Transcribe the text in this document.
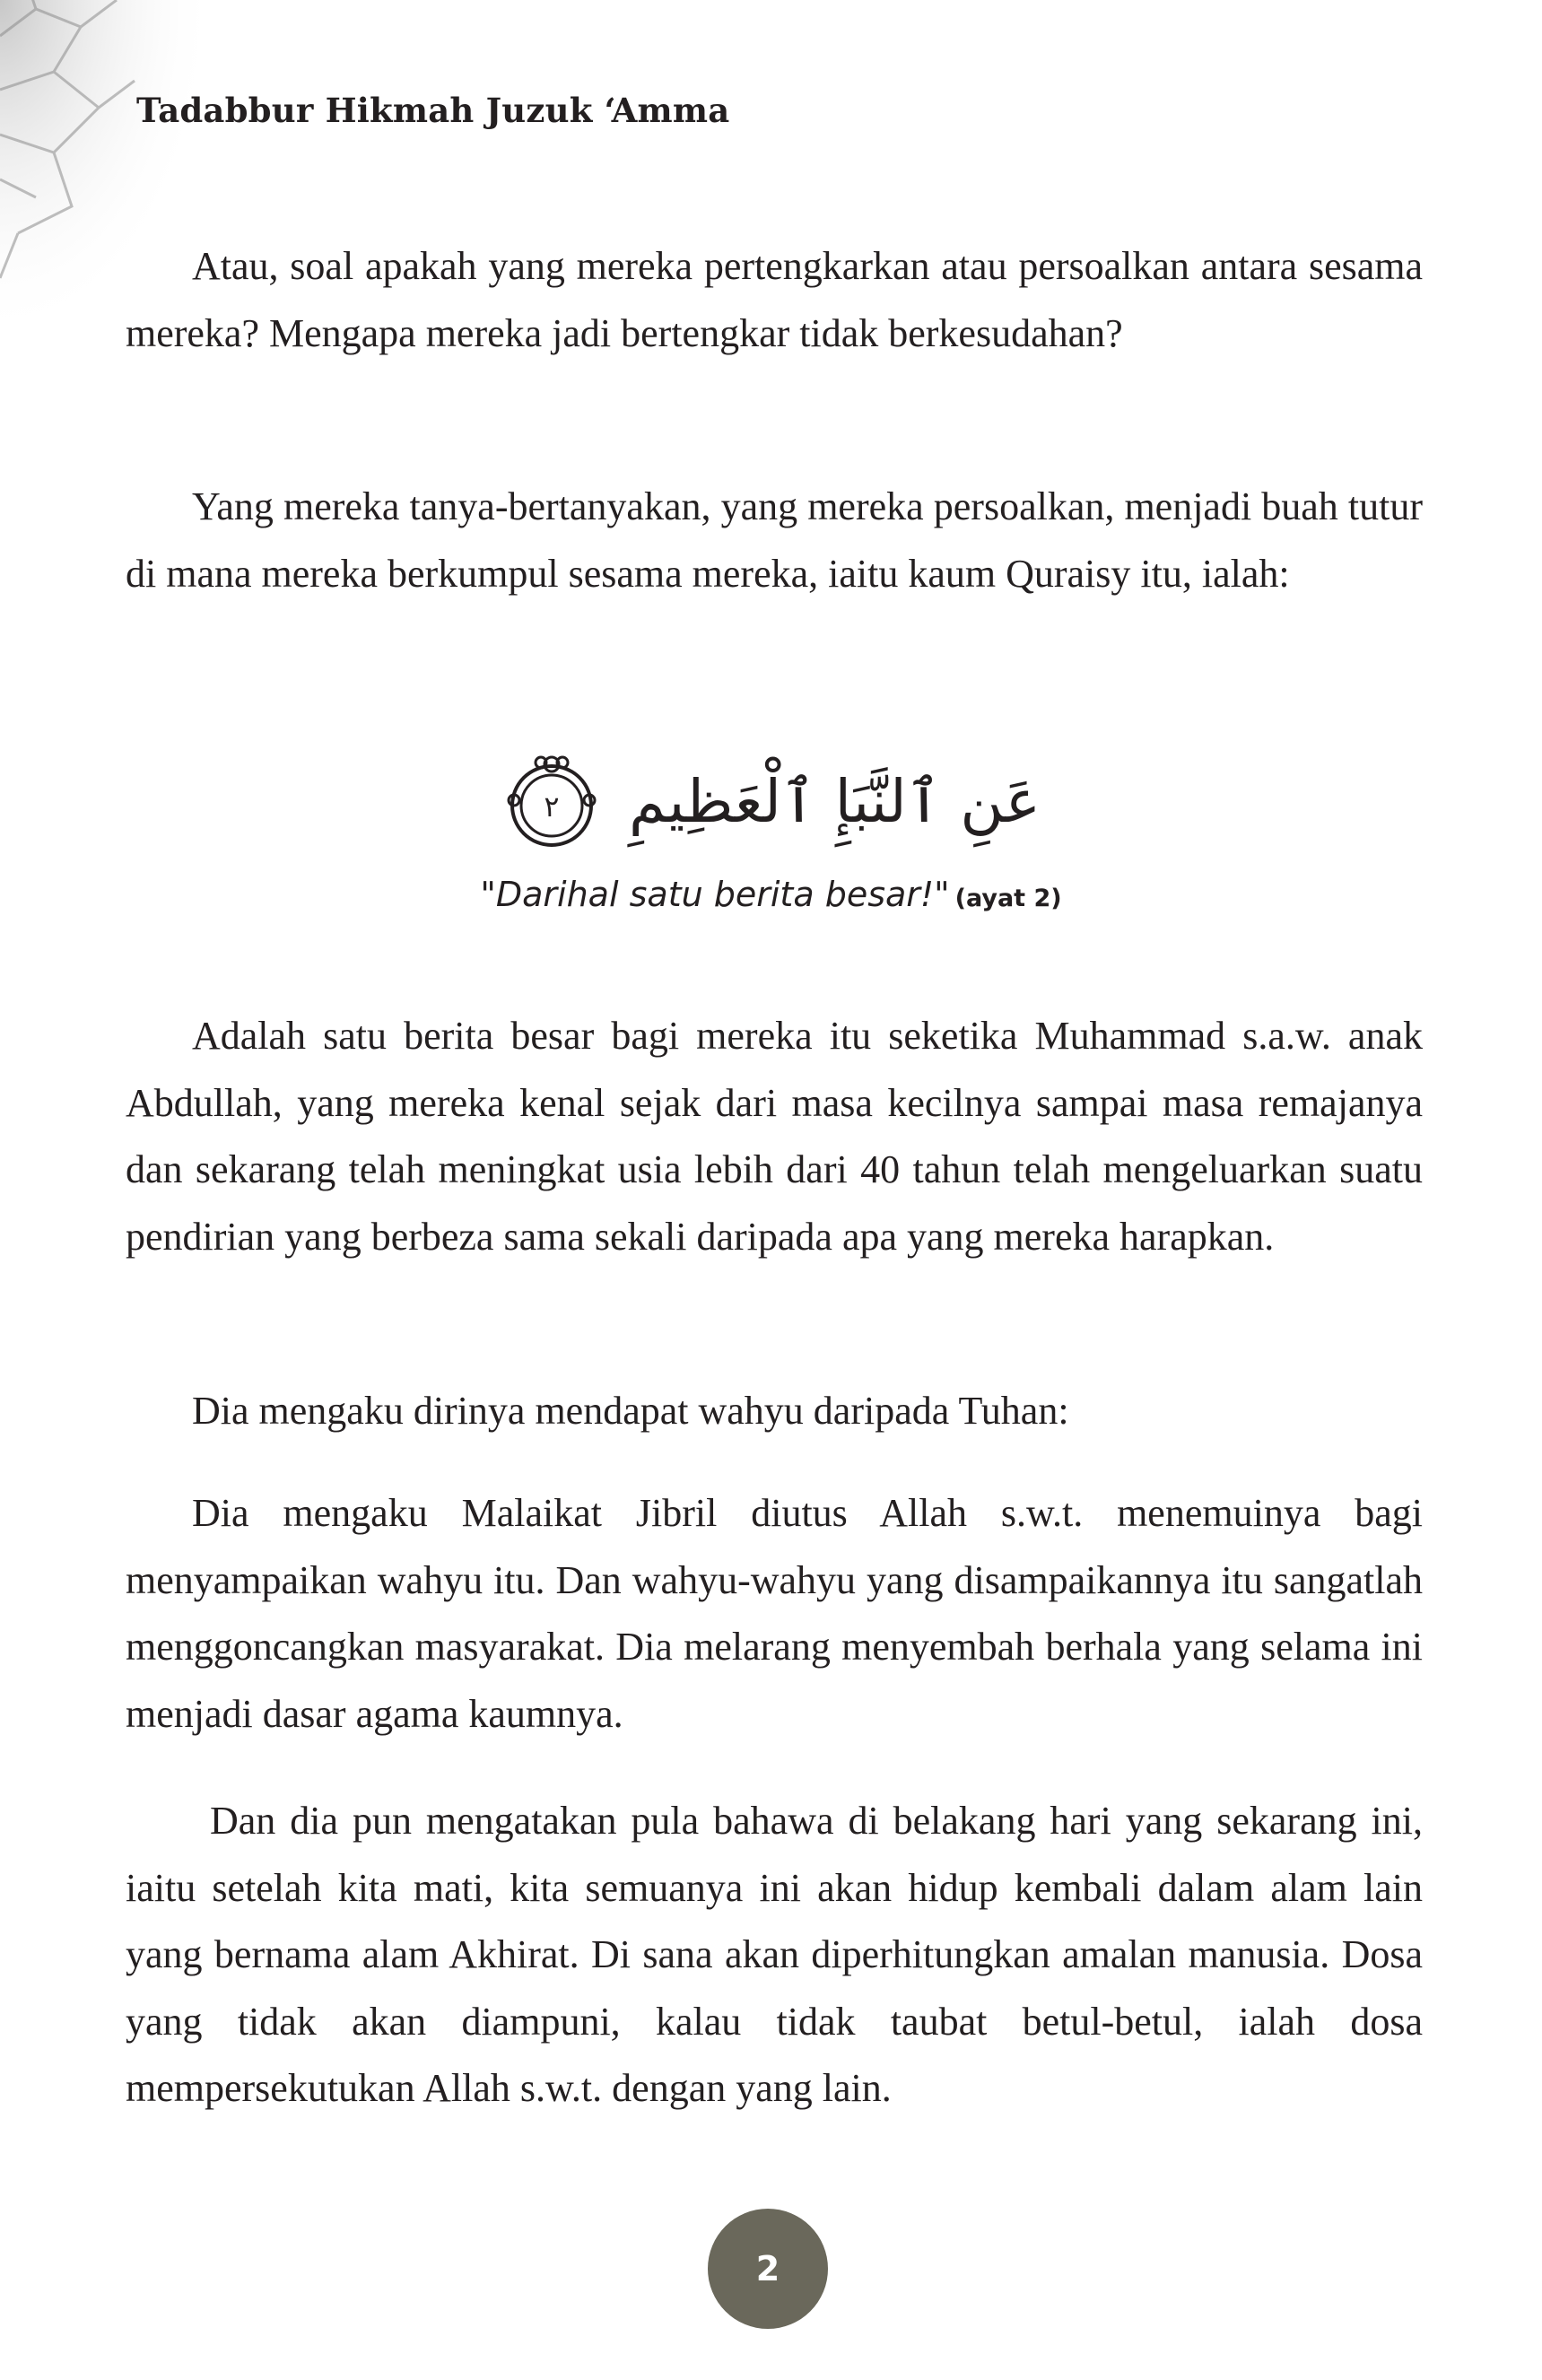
Tadabbur Hikmah Juzuk ‘Amma

Atau, soal apakah yang mereka pertengkarkan atau persoalkan antara sesama mereka? Mengapa mereka jadi bertengkar tidak berkesudahan?

Yang mereka tanya-bertanyakan, yang mereka persoalkan, menjadi buah tutur di mana mereka berkumpul sesama mereka, iaitu kaum Quraisy itu, ialah:

٢ عَنِ ٱلنَّبَإِ ٱلْعَظِيمِ
"Darihal satu berita besar!" (ayat 2)

Adalah satu berita besar bagi mereka itu seketika Muhammad s.a.w. anak Abdullah, yang mereka kenal sejak dari masa kecilnya sampai masa remajanya dan sekarang telah meningkat usia lebih dari 40 tahun telah mengeluarkan suatu pendirian yang berbeza sama sekali daripada apa yang mereka harapkan.

Dia mengaku dirinya mendapat wahyu daripada Tuhan:

Dia mengaku Malaikat Jibril diutus Allah s.w.t. menemuinya bagi menyampaikan wahyu itu. Dan wahyu-wahyu yang disampaikannya itu sangatlah menggoncangkan masyarakat. Dia melarang menyembah berhala yang selama ini menjadi dasar agama kaumnya.

Dan dia pun mengatakan pula bahawa di belakang hari yang sekarang ini, iaitu setelah kita mati, kita semuanya ini akan hidup kembali dalam alam lain yang bernama alam Akhirat. Di sana akan diperhitungkan amalan manusia. Dosa yang tidak akan diampuni, kalau tidak taubat betul-betul, ialah dosa mempersekutukan Allah s.w.t. dengan yang lain.

2
